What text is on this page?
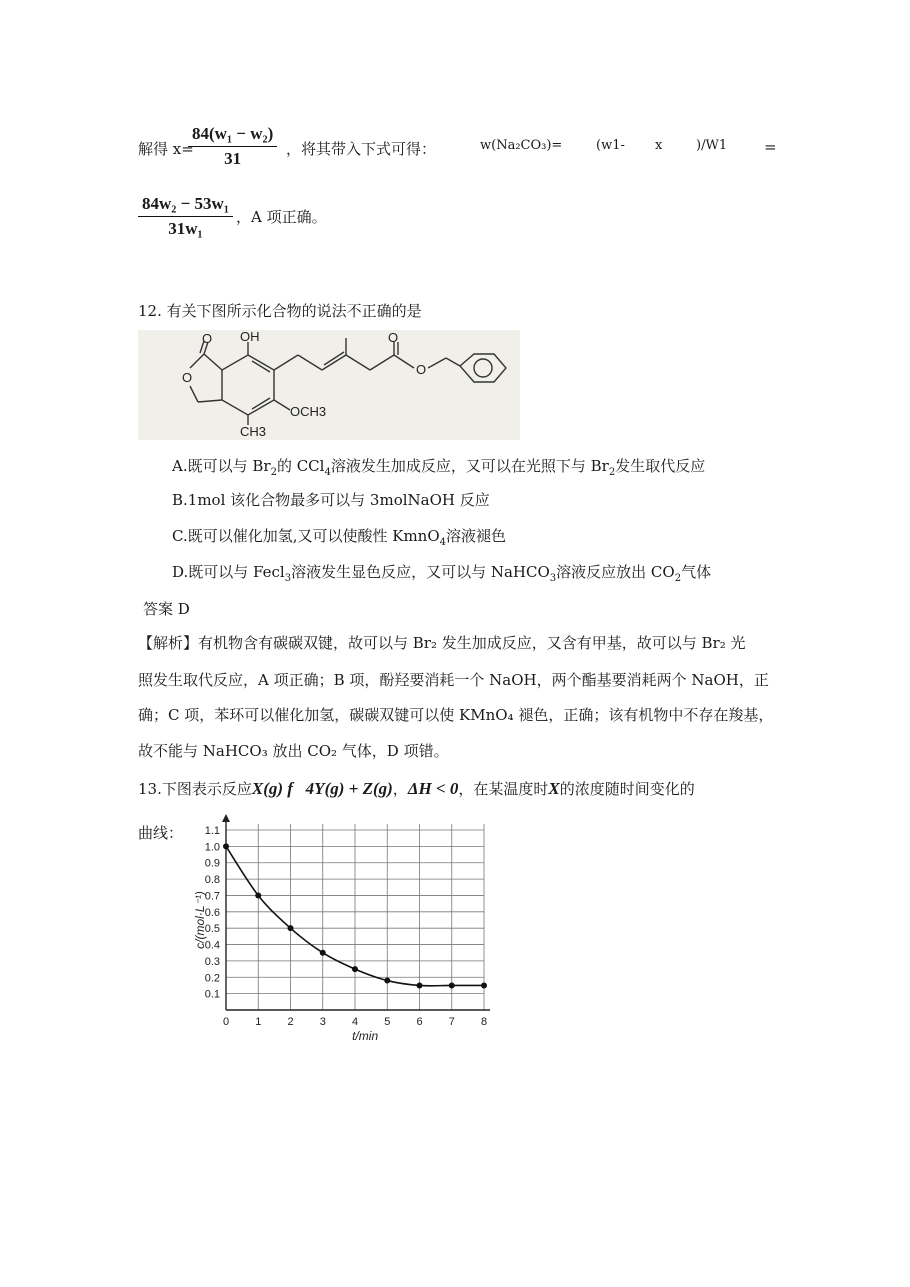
解得 x=
84(w₁ − w₂)
31	，将其带入下式可得：	w(Na₂CO₃)=	(w1- x	)/W1 =
84w₂ − 53w₁
31w₁
，A 项正确。
12. 有关下图所示化合物的说法不正确的是
OH
O
O
O
O
OCH3
CH3
A.既可以与 $Br_2$的 CCl$_4$溶液发生加成反应，又可以在光照下与 $Br_2$发生取代反应
B.1mol 该化合物最多可以与 3molNaOH 反应
C.既可以催化加氢,又可以使酸性 KmnO$_4$溶液褪色
D.既可以与 Fecl$_3$溶液发生显色反应，又可以与 NaHCO$_3$溶液反应放出 $CO_2$气体
答案 D
【解析】有机物含有碳碳双键，故可以与 Br₂ 发生加成反应，又含有甲基，故可以与 Br₂ 光
照发生取代反应，A 项正确；B 项，酚羟要消耗一个 NaOH，两个酯基要消耗两个 NaOH，正
确；C 项，苯环可以催化加氢，碳碳双键可以使 KMnO₄ 褪色，正确；该有机物中不存在羧基，
故不能与 NaHCO₃ 放出 CO₂ 气体，D 项错。
13.下图表示反应X(g) f   4Y(g) + Z(g)，ΔH < 0，在某温度时X的浓度随时间变化的
曲线：
0.1
0.2
0.3
0.4
0.5
0.6
0.7
0.8
0.9
1.0
1.1
0 1 2 3 4 5 6 7 8
t/min
c/(mol·L⁻¹)
